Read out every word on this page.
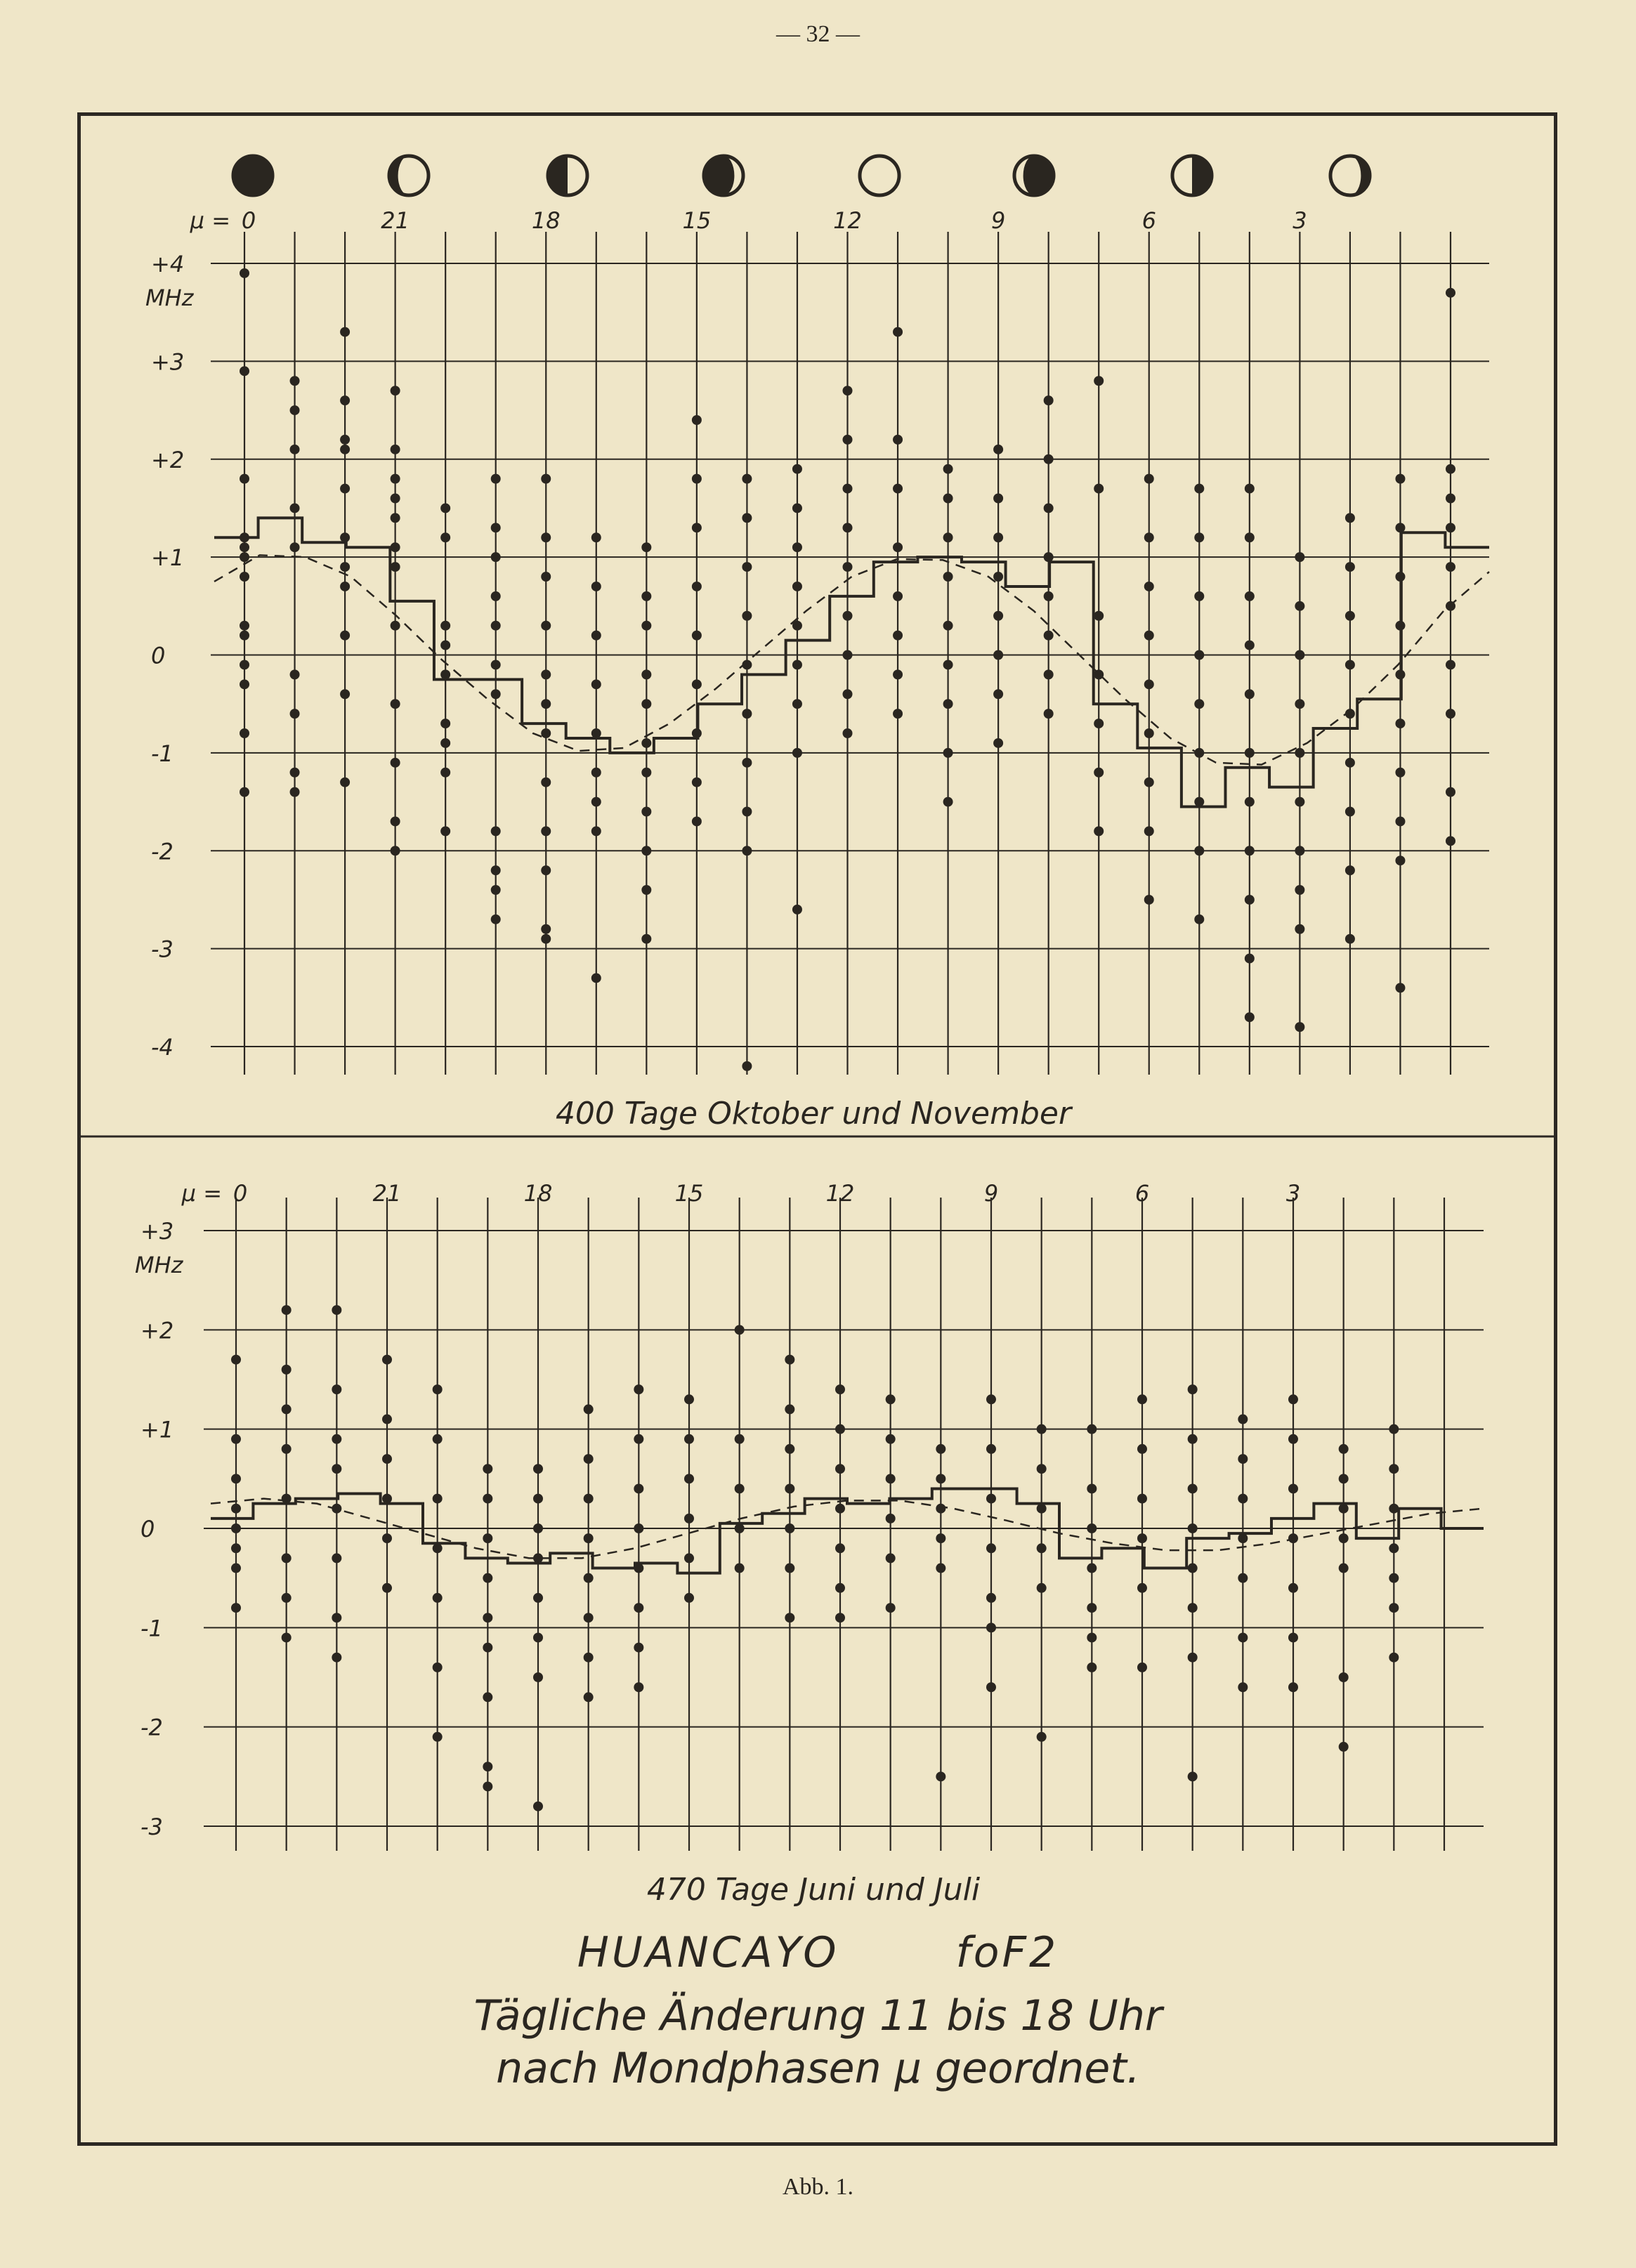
— 32 —
+4
+3
+2
+1
0
-1
-2
-3
-4
MHz
0	21	18	15	12	9	6	3
μ =
400 Tage Oktober und November
+3
+2
+1
0
-1
-2
-3
MHz
0	21	18	15	12	9	6	3
μ =
470 Tage Juni und Juli
HUANCAYO	foF2
Tägliche Änderung 11 bis 18 Uhr
nach Mondphasen μ geordnet.
Abb. 1.
